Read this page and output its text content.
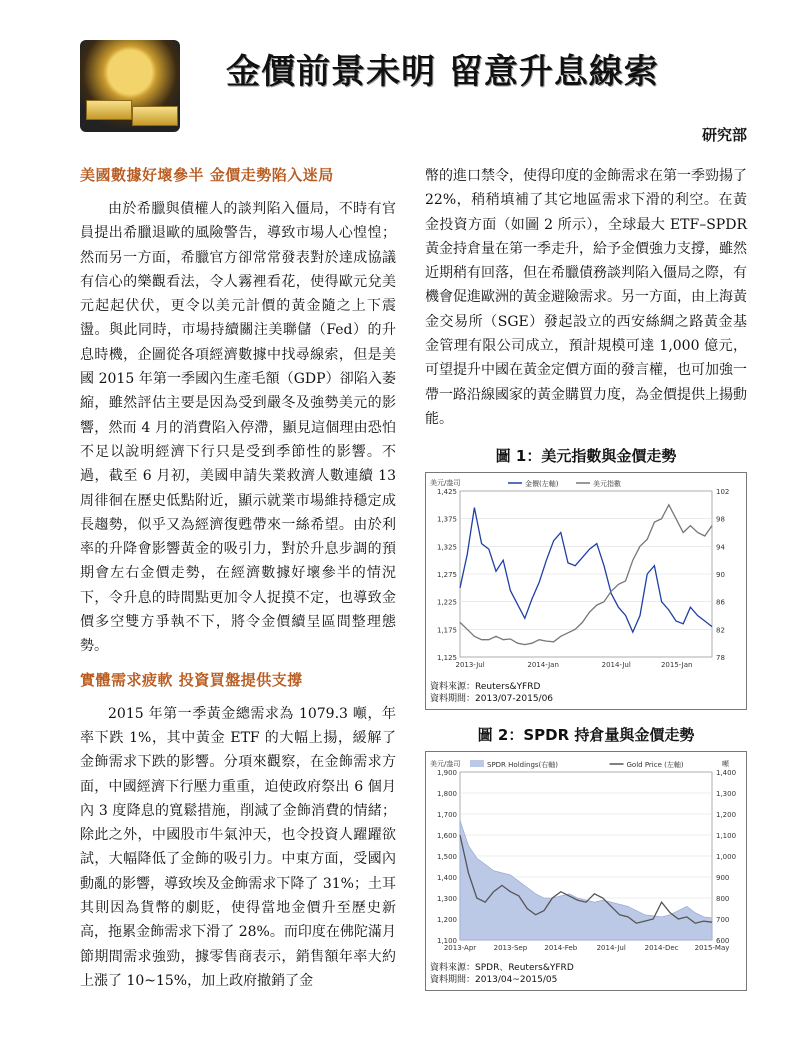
金價前景未明 留意升息線索
研究部
美國數據好壞參半 金價走勢陷入迷局

由於希臘與債權人的談判陷入僵局，不時有官員提出希臘退歐的風險警告，導致市場人心惶惶；然而另一方面，希臘官方卻常常發表對於達成協議有信心的樂觀看法，令人霧裡看花，使得歐元兌美元起起伏伏，更令以美元計價的黃金隨之上下震盪。與此同時，市場持續關注美聯儲（Fed）的升息時機，企圖從各項經濟數據中找尋線索，但是美國 2015 年第一季國內生產毛額（GDP）卻陷入萎縮，雖然評估主要是因為受到嚴冬及強勢美元的影響，然而 4 月的消費陷入停滯，顯見這個理由恐怕不足以說明經濟下行只是受到季節性的影響。不過，截至 6 月初，美國申請失業救濟人數連續 13 周徘徊在歷史低點附近，顯示就業市場維持穩定成長趨勢，似乎又為經濟復甦帶來一絲希望。由於利率的升降會影響黃金的吸引力，對於升息步調的預期會左右金價走勢，在經濟數據好壞參半的情況下，令升息的時間點更加令人捉摸不定，也導致金價多空雙方爭執不下，將令金價續呈區間整理態勢。

實體需求疲軟 投資買盤提供支撐

2015 年第一季黃金總需求為 1079.3 噸，年率下跌 1%，其中黃金 ETF 的大幅上揚，緩解了金飾需求下跌的影響。分項來觀察，在金飾需求方面，中國經濟下行壓力重重，迫使政府祭出 6 個月內 3 度降息的寬鬆措施，削減了金飾消費的情緒；除此之外，中國股市牛氣沖天，也令投資人躍躍欲試，大幅降低了金飾的吸引力。中東方面，受國內動亂的影響，導致埃及金飾需求下降了 31%；土耳其則因為貨幣的劇貶，使得當地金價升至歷史新高，拖累金飾需求下滑了 28%。而印度在佛陀滿月節期間需求強勁，據零售商表示，銷售額年率大約上漲了 10~15%，加上政府撤銷了金

幣的進口禁令，使得印度的金飾需求在第一季勁揚了 22%，稍稍填補了其它地區需求下滑的利空。在黃金投資方面（如圖 2 所示），全球最大 ETF–SPDR 黃金持倉量在第一季走升，給予金價強力支撐，雖然近期稍有回落，但在希臘債務談判陷入僵局之際，有機會促進歐洲的黃金避險需求。另一方面，由上海黃金交易所（SGE）發起設立的西安絲綢之路黃金基金管理有限公司成立，預計規模可達 1,000 億元，可望提升中國在黃金定價方面的發言權，也可加強一帶一路沿線國家的黃金購買力度，為金價提供上揚動能。

圖 1：美元指數與金價走勢
美元/盎司
1,425
1,375
1,325
1,275
1,225
1,175
1,125
102
98
94
90
86
82
78
2013-Jul	2014-Jan	2014-Jul	2015-Jan
金價(左軸)	美元指數
資料來源：Reuters&YFRD
資料期間：2013/07-2015/06
圖 2：SPDR 持倉量與金價走勢
美元/盎司	噸
1,900
1,800
1,700
1,600
1,500
1,400
1,300
1,200
1,100
1,400
1,300
1,200
1,100
1,000
900
800
700
600
2013-Apr 2013-Sep 2014-Feb	2014-Jul	2014-Dec 2015-May
SPDR Holdings(右軸)	Gold Price (左軸)
資料來源：SPDR、Reuters&YFRD
資料期間：2013/04~2015/05
